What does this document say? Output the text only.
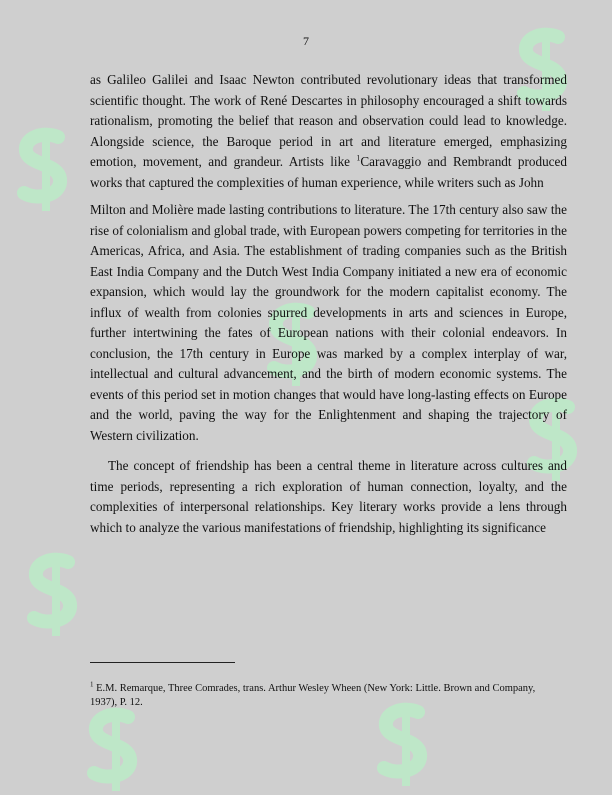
7

as Galileo Galilei and Isaac Newton contributed revolutionary ideas that transformed scientific thought. The work of René Descartes in philosophy encouraged a shift towards rationalism, promoting the belief that reason and observation could lead to knowledge. Alongside science, the Baroque period in art and literature emerged, emphasizing emotion, movement, and grandeur. Artists like $^1$Caravaggio and Rembrandt produced works that captured the complexities of human experience, while writers such as John

Milton and Molière made lasting contributions to literature. The 17th century also saw the rise of colonialism and global trade, with European powers competing for territories in the Americas, Africa, and Asia. The establishment of trading companies such as the British East India Company and the Dutch West India Company initiated a new era of economic expansion, which would lay the groundwork for the modern capitalist economy. The influx of wealth from colonies spurred developments in arts and sciences in Europe, further intertwining the fates of European nations with their colonial endeavors. In conclusion, the 17th century in Europe was marked by a complex interplay of war, intellectual and cultural advancement, and the birth of modern economic systems. The events of this period set in motion changes that would have long-lasting effects on Europe and the world, paving the way for the Enlightenment and shaping the trajectory of Western civilization.

The concept of friendship has been a central theme in literature across cultures and time periods, representing a rich exploration of human connection, loyalty, and the complexities of interpersonal relationships. Key literary works provide a lens through which to analyze the various manifestations of friendship, highlighting its significance

$^1$ E.M. Remarque, Three Comrades, trans. Arthur Wesley Wheen (New York: Little. Brown and Company, 1937), P. 12.
